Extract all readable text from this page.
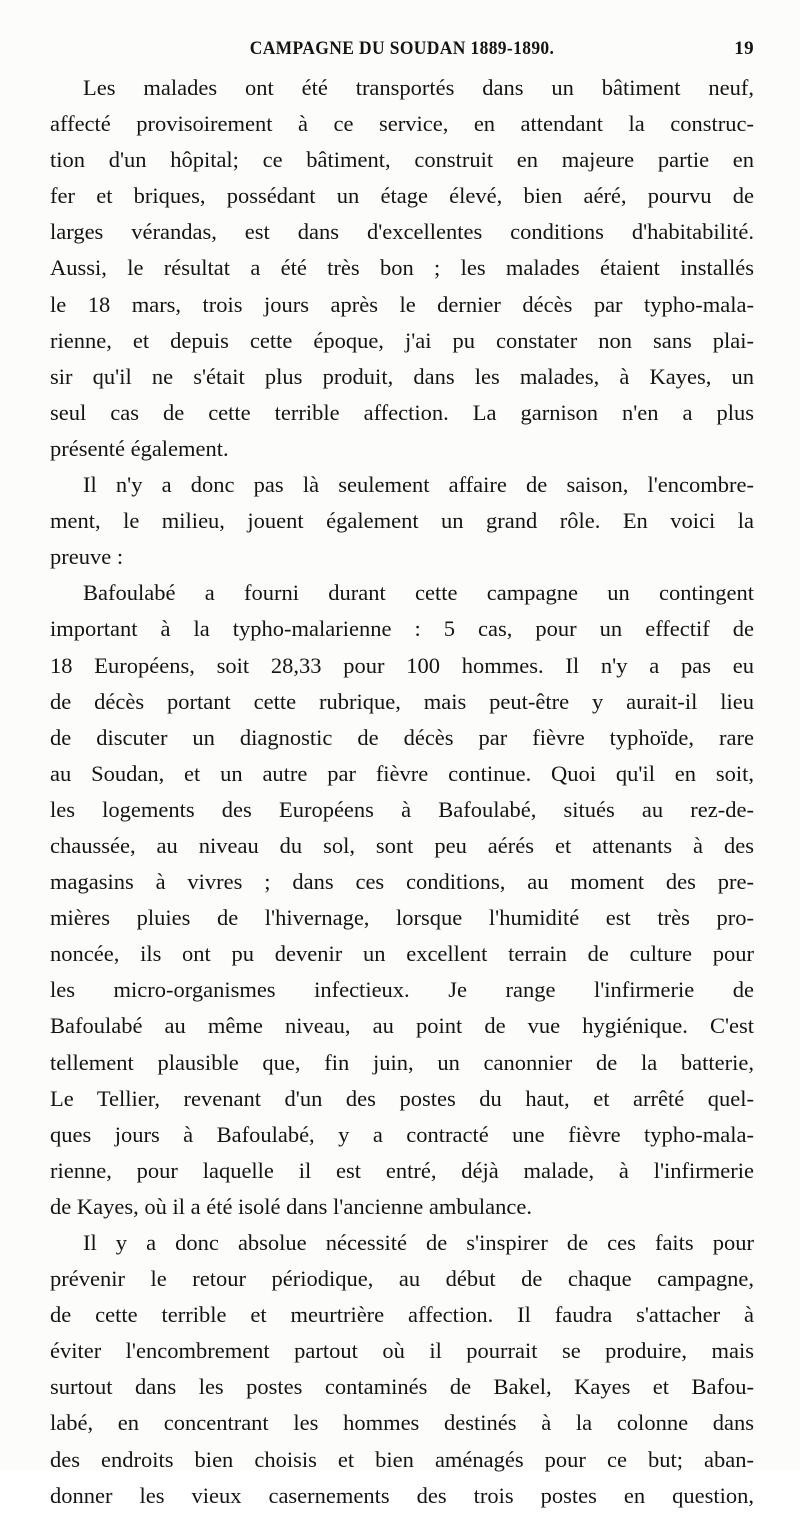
CAMPAGNE DU SOUDAN 1889-1890.	19
Les malades ont été transportés dans un bâtiment neuf,
affecté provisoirement à ce service, en attendant la construc-
tion d'un hôpital; ce bâtiment, construit en majeure partie en
fer et briques, possédant un étage élevé, bien aéré, pourvu de
larges vérandas, est dans d'excellentes conditions d'habitabilité.
Aussi, le résultat a été très bon ; les malades étaient installés
le 18 mars, trois jours après le dernier décès par typho-mala-
rienne, et depuis cette époque, j'ai pu constater non sans plai-
sir qu'il ne s'était plus produit, dans les malades, à Kayes, un
seul cas de cette terrible affection. La garnison n'en a plus
présenté également.
Il n'y a donc pas là seulement affaire de saison, l'encombre-
ment, le milieu, jouent également un grand rôle. En voici la
preuve :
Bafoulabé a fourni durant cette campagne un contingent
important à la typho-malarienne : 5 cas, pour un effectif de
18 Européens, soit 28,33 pour 100 hommes. Il n'y a pas eu
de décès portant cette rubrique, mais peut-être y aurait-il lieu
de discuter un diagnostic de décès par fièvre typhoïde, rare
au Soudan, et un autre par fièvre continue. Quoi qu'il en soit,
les logements des Européens à Bafoulabé, situés au rez-de-
chaussée, au niveau du sol, sont peu aérés et attenants à des
magasins à vivres ; dans ces conditions, au moment des pre-
mières pluies de l'hivernage, lorsque l'humidité est très pro-
noncée, ils ont pu devenir un excellent terrain de culture pour
les micro-organismes infectieux. Je range l'infirmerie de
Bafoulabé au même niveau, au point de vue hygiénique. C'est
tellement plausible que, fin juin, un canonnier de la batterie,
Le Tellier, revenant d'un des postes du haut, et arrêté quel-
ques jours à Bafoulabé, y a contracté une fièvre typho-mala-
rienne, pour laquelle il est entré, déjà malade, à l'infirmerie
de Kayes, où il a été isolé dans l'ancienne ambulance.
Il y a donc absolue nécessité de s'inspirer de ces faits pour
prévenir le retour périodique, au début de chaque campagne,
de cette terrible et meurtrière affection. Il faudra s'attacher à
éviter l'encombrement partout où il pourrait se produire, mais
surtout dans les postes contaminés de Bakel, Kayes et Bafou-
labé, en concentrant les hommes destinés à la colonne dans
des endroits bien choisis et bien aménagés pour ce but; aban-
donner les vieux casernements des trois postes en question,
